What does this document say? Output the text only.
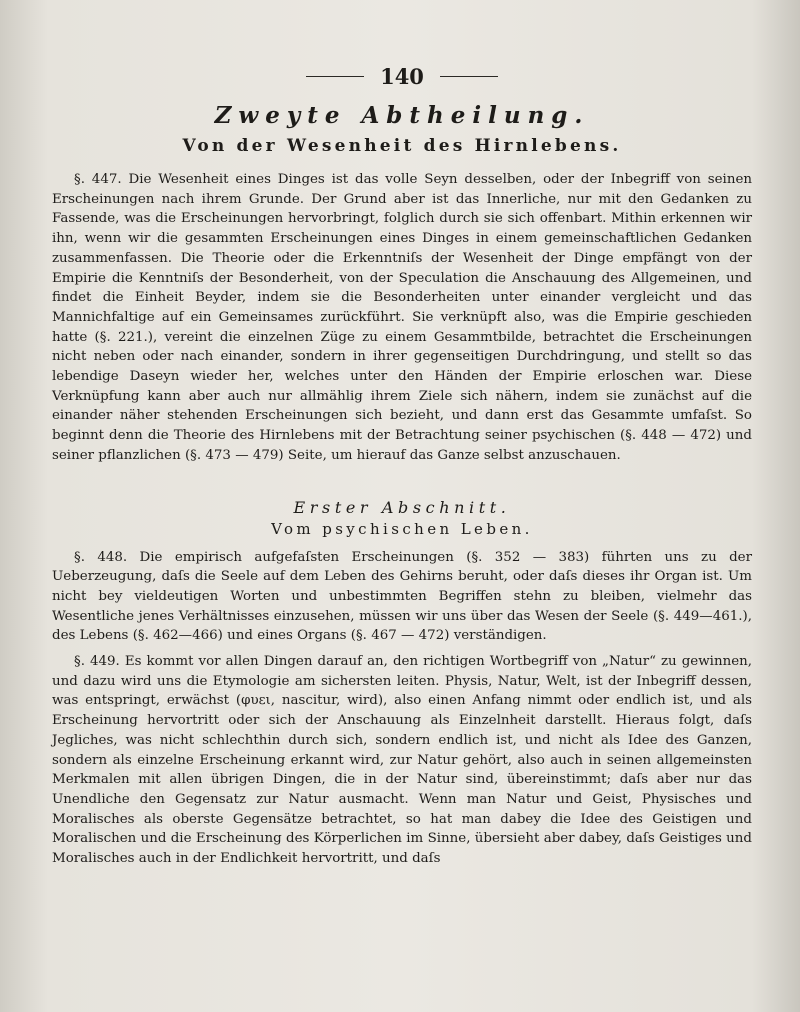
140
Zweyte Abtheilung.
Von der Wesenheit des Hirnlebens.

§. 447. Die Wesenheit eines Dinges ist das volle Seyn desselben, oder der Inbegriff von seinen Erscheinungen nach ihrem Grunde. Der Grund aber ist das Innerliche, nur mit den Gedanken zu Fassende, was die Erscheinungen hervorbringt, folglich durch sie sich offenbart. Mithin erkennen wir ihn, wenn wir die gesammten Erscheinungen eines Dinges in einem gemeinschaftlichen Gedanken zusammenfassen. Die Theorie oder die Erkenntniſs der Wesenheit der Dinge empfängt von der Empirie die Kenntniſs der Besonderheit, von der Speculation die Anschauung des Allgemeinen, und findet die Einheit Beyder, indem sie die Besonderheiten unter einander vergleicht und das Mannichfaltige auf ein Gemeinsames zurückführt. Sie verknüpft also, was die Empirie geschieden hatte (§. 221.), vereint die einzelnen Züge zu einem Gesammtbilde, betrachtet die Erscheinungen nicht neben oder nach einander, sondern in ihrer gegenseitigen Durchdringung, und stellt so das lebendige Daseyn wieder her, welches unter den Händen der Empirie erloschen war. Diese Verknüpfung kann aber auch nur allmählig ihrem Ziele sich nähern, indem sie zunächst auf die einander näher stehenden Erscheinungen sich bezieht, und dann erst das Gesammte umfaſst. So beginnt denn die Theorie des Hirnlebens mit der Betrachtung seiner psychischen (§. 448 — 472) und seiner pflanzlichen (§. 473 — 479) Seite, um hierauf das Ganze selbst anzuschauen.

Erster Abschnitt.
Vom psychischen Leben.

§. 448. Die empirisch aufgefaſsten Erscheinungen (§. 352 — 383) führten uns zu der Ueberzeugung, daſs die Seele auf dem Leben des Gehirns beruht, oder daſs dieses ihr Organ ist. Um nicht bey vieldeutigen Worten und unbestimmten Begriffen stehn zu bleiben, vielmehr das Wesentliche jenes Verhältnisses einzusehen, müssen wir uns über das Wesen der Seele (§. 449—461.), des Lebens (§. 462—466) und eines Organs (§. 467 — 472) verständigen.

§. 449. Es kommt vor allen Dingen darauf an, den richtigen Wortbegriff von „Natur“ zu gewinnen, und dazu wird uns die Etymologie am sichersten leiten. Physis, Natur, Welt, ist der Inbegriff dessen, was entspringt, erwächst (φυει, nascitur, wird), also einen Anfang nimmt oder endlich ist, und als Erscheinung hervortritt oder sich der Anschauung als Einzelnheit darstellt. Hieraus folgt, daſs Jegliches, was nicht schlechthin durch sich, sondern endlich ist, und nicht als Idee des Ganzen, sondern als einzelne Erscheinung erkannt wird, zur Natur gehört, also auch in seinen allgemeinsten Merkmalen mit allen übrigen Dingen, die in der Natur sind, übereinstimmt; daſs aber nur das Unendliche den Gegensatz zur Natur ausmacht. Wenn man Natur und Geist, Physisches und Moralisches als oberste Gegensätze betrachtet, so hat man dabey die Idee des Geistigen und Moralischen und die Erscheinung des Körperlichen im Sinne, übersieht aber dabey, daſs Geistiges und Moralisches auch in der Endlichkeit hervortritt, und daſs
